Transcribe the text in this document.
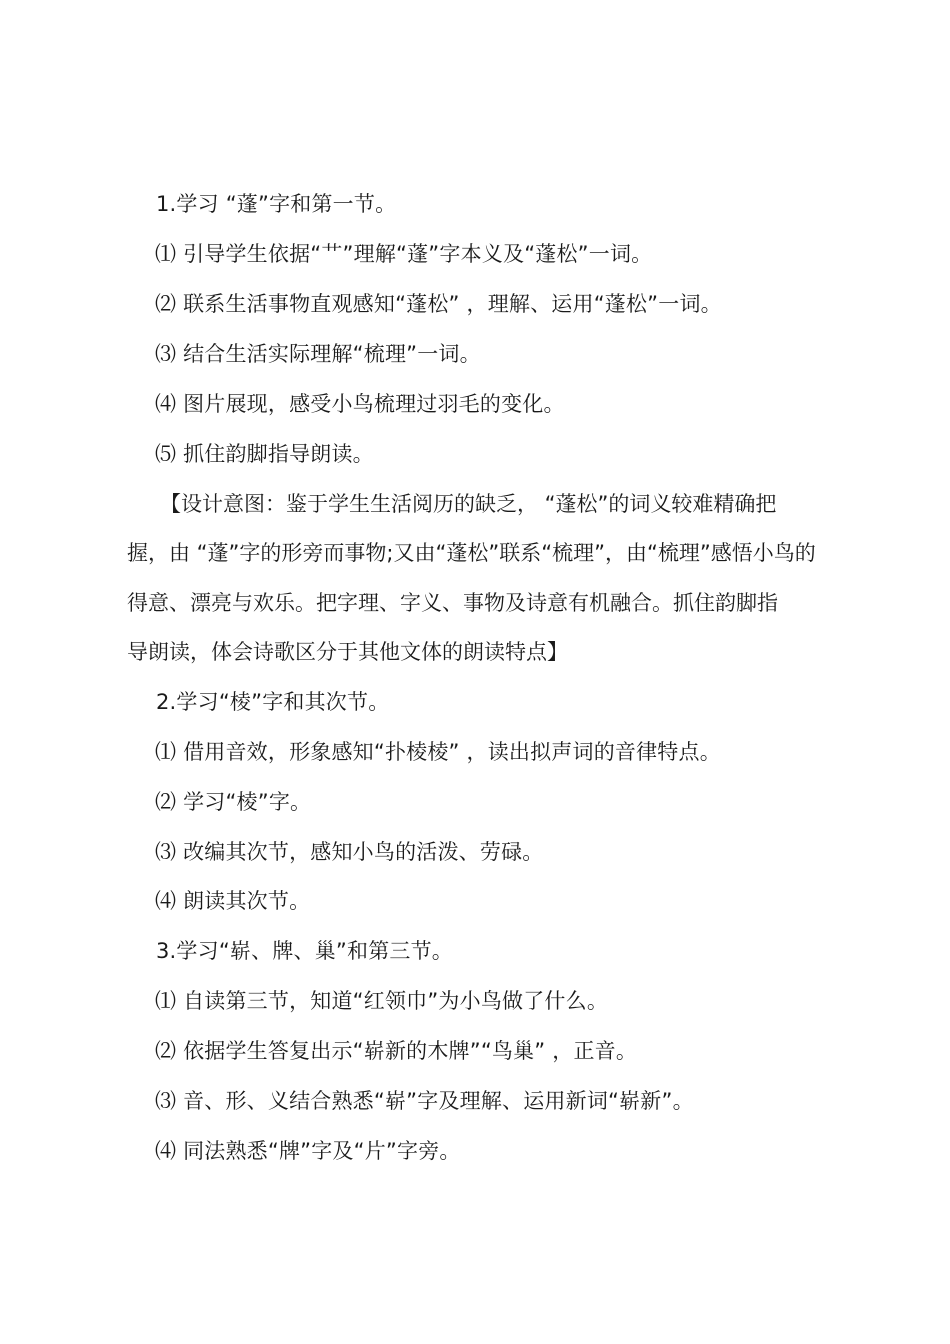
1.学习 “蓬”字和第一节。
⑴ 引导学生依据“艹”理解“蓬”字本义及“蓬松”一词。
⑵ 联系生活事物直观感知“蓬松” ，理解、运用“蓬松”一词。
⑶ 结合生活实际理解“梳理”一词。
⑷ 图片展现，感受小鸟梳理过羽毛的变化。
⑸ 抓住韵脚指导朗读。
【设计意图：鉴于学生生活阅历的缺乏， “蓬松”的词义较难精确把
握，由 “蓬”字的形旁而事物;又由“蓬松”联系“梳理”，由“梳理”感悟小鸟的
得意、漂亮与欢乐。把字理、字义、事物及诗意有机融合。抓住韵脚指
导朗读，体会诗歌区分于其他文体的朗读特点】
2.学习“棱”字和其次节。
⑴ 借用音效，形象感知“扑棱棱” ，读出拟声词的音律特点。
⑵ 学习“棱”字。
⑶ 改编其次节，感知小鸟的活泼、劳碌。
⑷ 朗读其次节。
3.学习“崭、牌、巢”和第三节。
⑴ 自读第三节，知道“红领巾”为小鸟做了什么。
⑵ 依据学生答复出示“崭新的木牌”“鸟巢” ，正音。
⑶ 音、形、义结合熟悉“崭”字及理解、运用新词“崭新”。
⑷ 同法熟悉“牌”字及“片”字旁。
